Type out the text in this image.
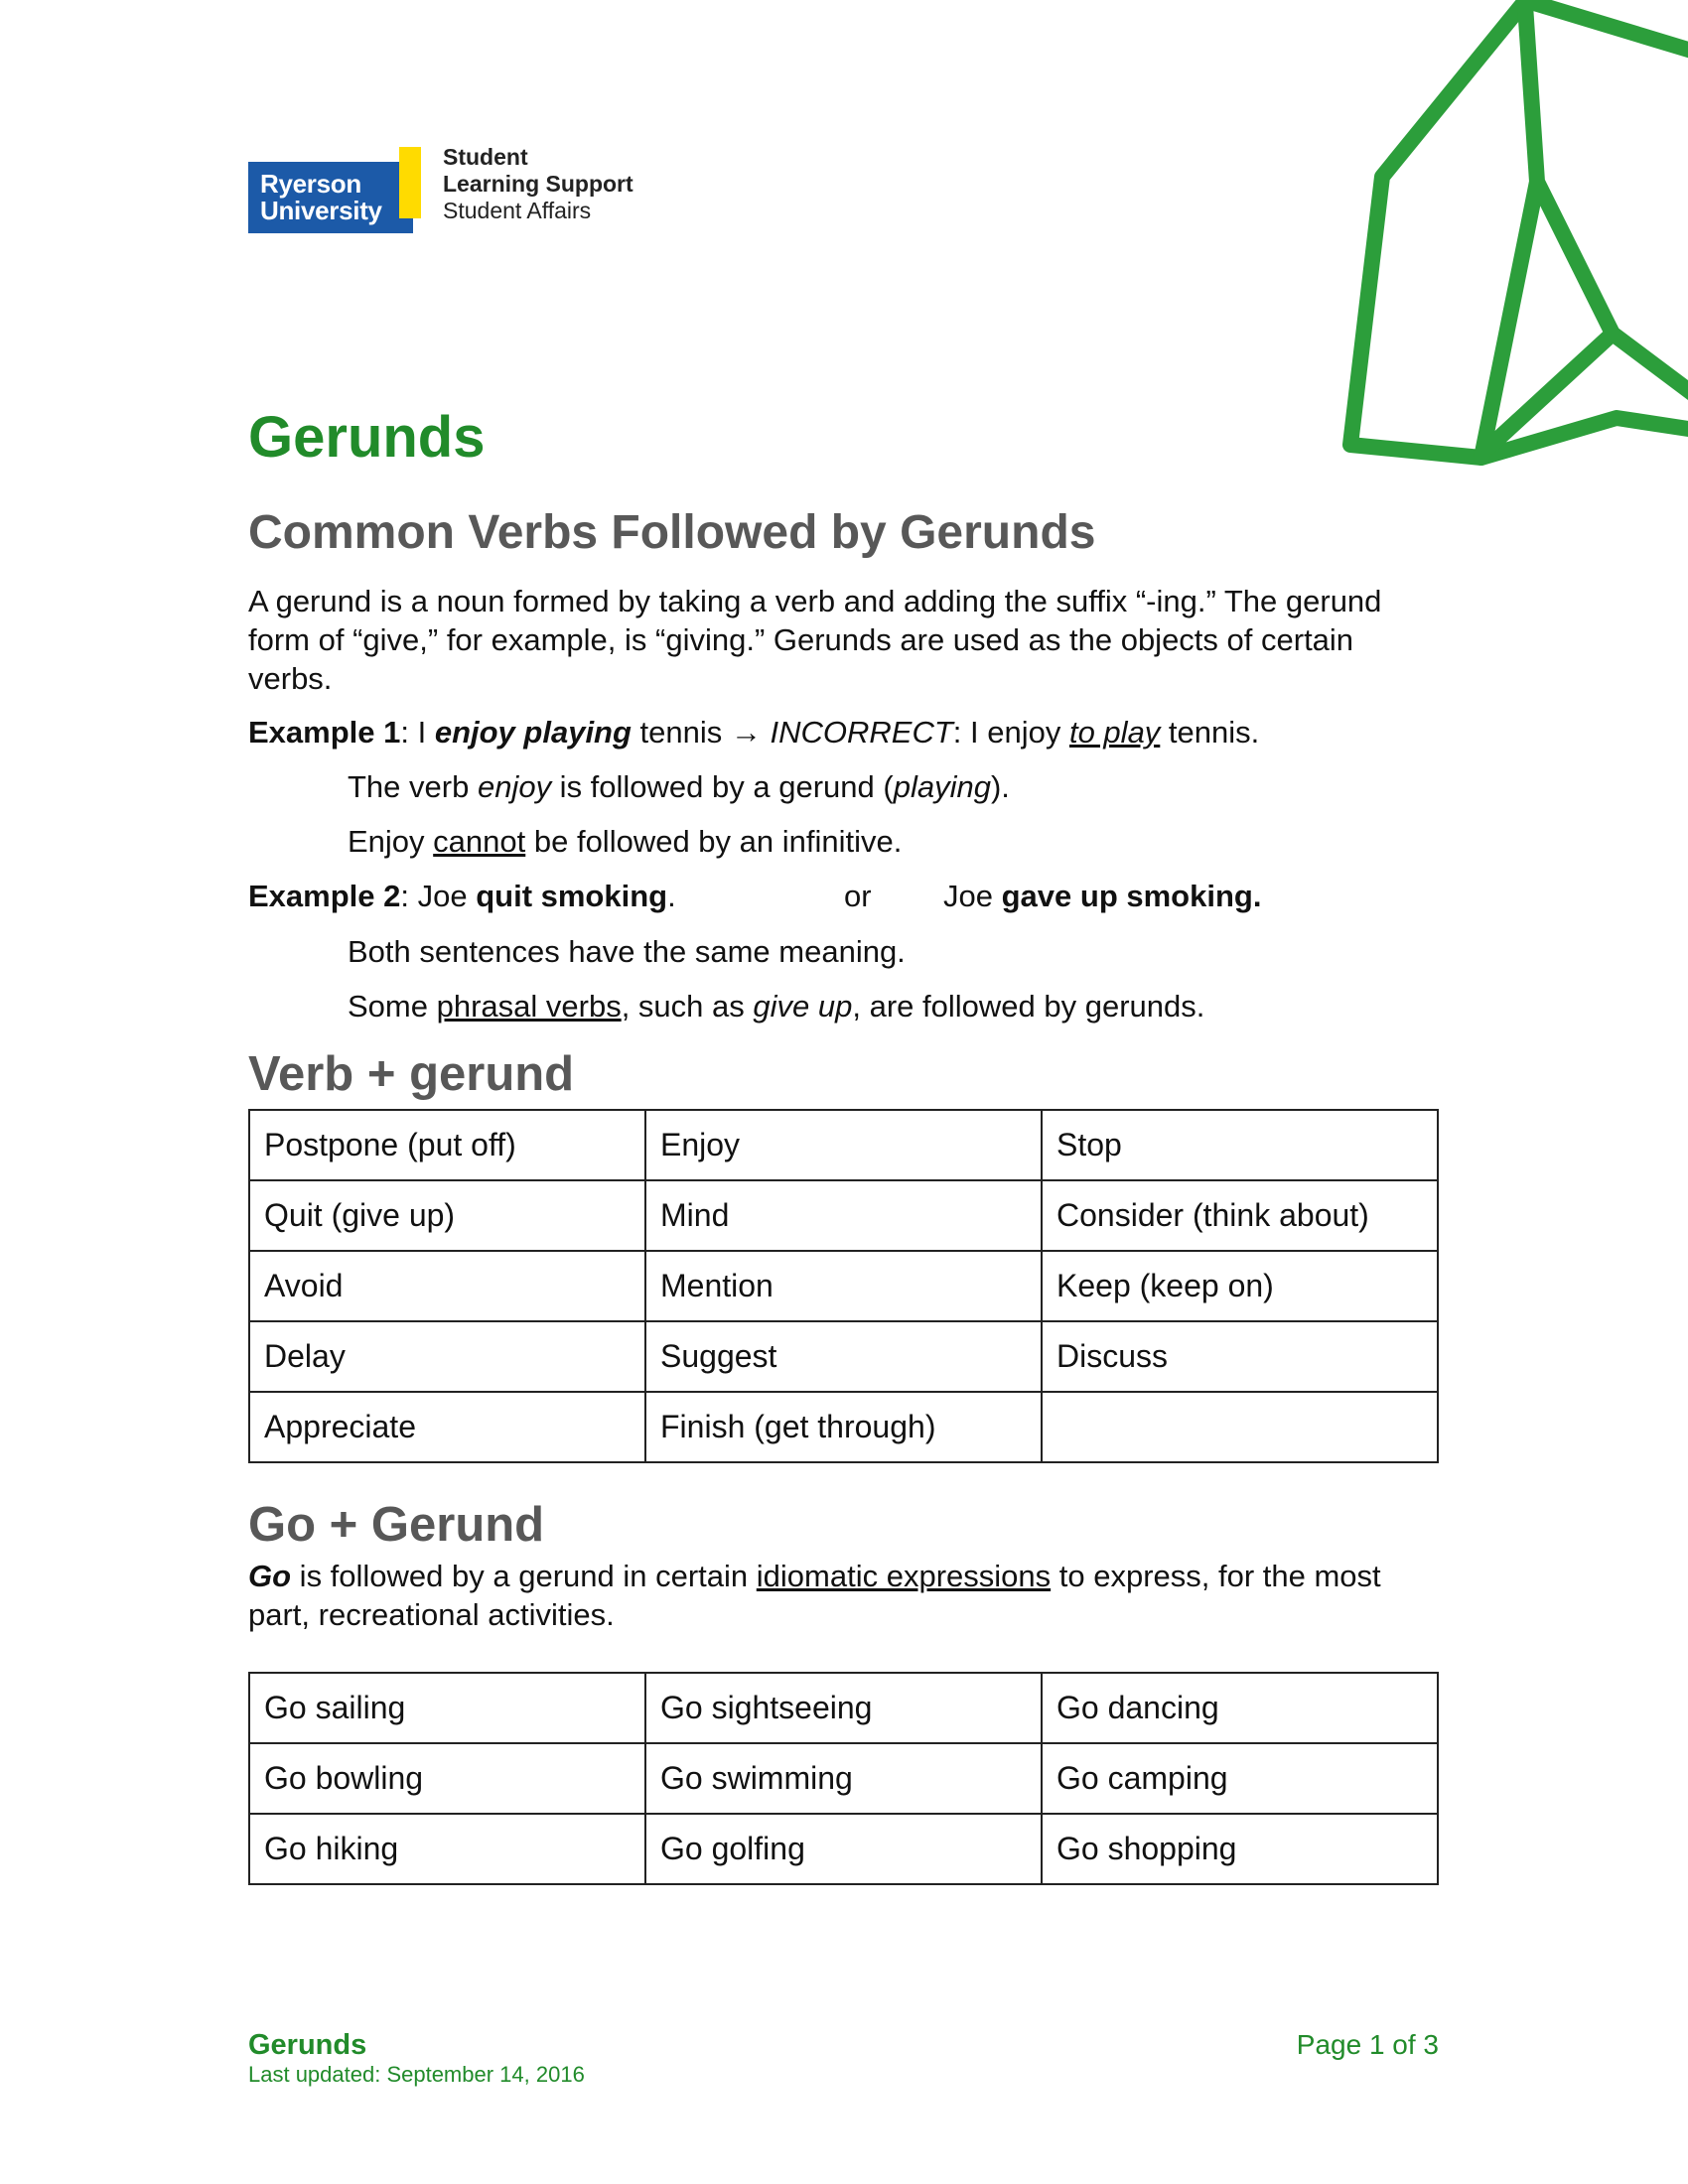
Ryerson
University
Student
Learning Support
Student Affairs
Gerunds
Common Verbs Followed by Gerunds

A gerund is a noun formed by taking a verb and adding the suffix “-ing.” The gerund form of “give,” for example, is “giving.” Gerunds are used as the objects of certain verbs.

Example 1: I enjoy playing tennis → INCORRECT: I enjoy to play tennis.

The verb enjoy is followed by a gerund (playing).

Enjoy cannot be followed by an infinitive.

Example 2: Joe quit smoking.	or Joe gave up smoking.

Both sentences have the same meaning.

Some phrasal verbs, such as give up, are followed by gerunds.

Verb + gerund
Postpone (put off)	Enjoy	Stop
Quit (give up)	Mind	Consider (think about)
Avoid	Mention	Keep (keep on)
Delay	Suggest	Discuss
Appreciate	Finish (get through)	
Go + Gerund

Go is followed by a gerund in certain idiomatic expressions to express, for the most part, recreational activities.

Go sailing	Go sightseeing	Go dancing
Go bowling	Go swimming	Go camping
Go hiking	Go golfing	Go shopping

Gerunds

Last updated: September 14, 2016

Page 1 of 3
